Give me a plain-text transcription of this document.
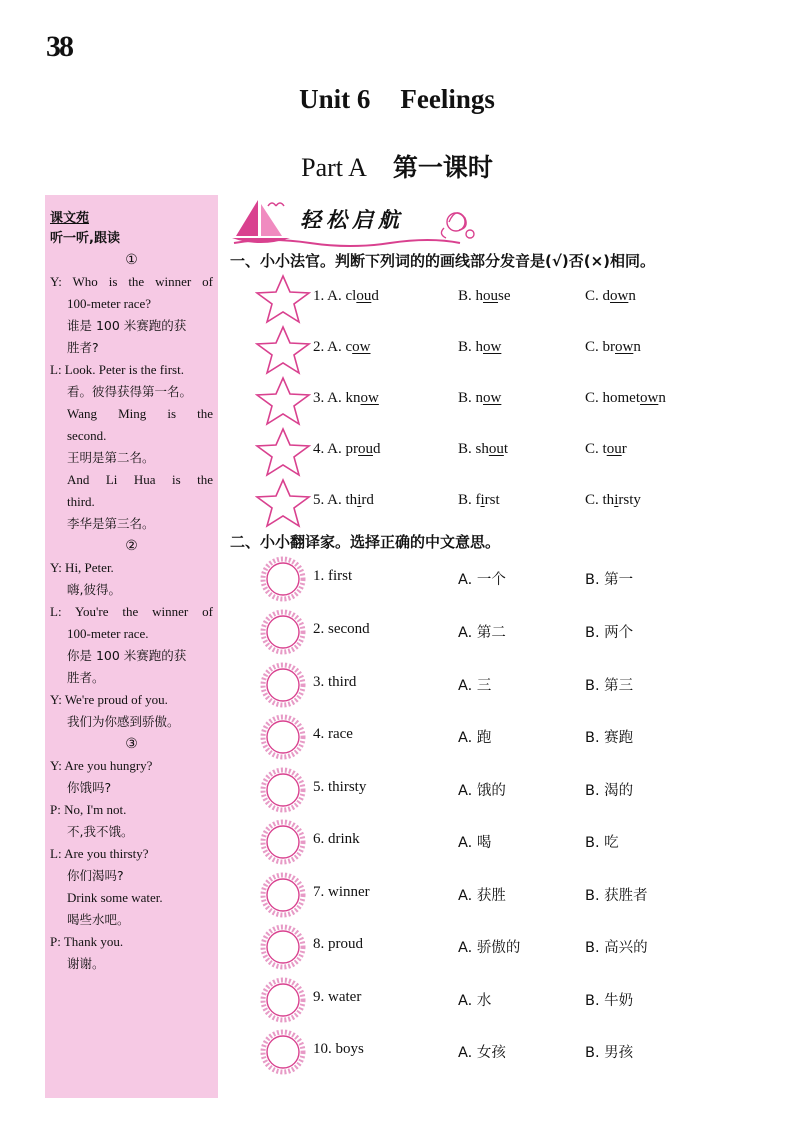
38
Unit 6 Feelings
Part A 第一课时
课文苑
听一听,跟读
①
Y: Who is the winner of
100-meter race?
谁是 100 米赛跑的获
胜者?
L: Look. Peter is the first.
看。彼得获得第一名。
Wang Ming is the
second.
王明是第二名。
And Li Hua is the
third.
李华是第三名。
②
Y: Hi, Peter.
嗨,彼得。
L: You're the winner of
100-meter race.
你是 100 米赛跑的获
胜者。
Y: We're proud of you.
我们为你感到骄傲。
③
Y: Are you hungry?
你饿吗?
P: No, I'm not.
不,我不饿。
L: Are you thirsty?
你们渴吗?
Drink some water.
喝些水吧。
P: Thank you.
谢谢。
轻松启航
一、小小法官。判断下列词的的画线部分发音是(√)否(×)相同。
1. A. cloud	B. house	C. down
2. A. cow	B. how	C. brown
3. A. know	B. now	C. hometown
4. A. proud	B. shout	C. tour
5. A. third	B. first	C. thirsty
二、小小翻译家。选择正确的中文意思。
1. first	A. 一个	B. 第一
2. second	A. 第二	B. 两个
3. third	A. 三	B. 第三
4. race	A. 跑	B. 赛跑
5. thirsty	A. 饿的	B. 渴的
6. drink	A. 喝	B. 吃
7. winner	A. 获胜	B. 获胜者
8. proud	A. 骄傲的	B. 高兴的
9. water	A. 水	B. 牛奶
10. boys	A. 女孩	B. 男孩
